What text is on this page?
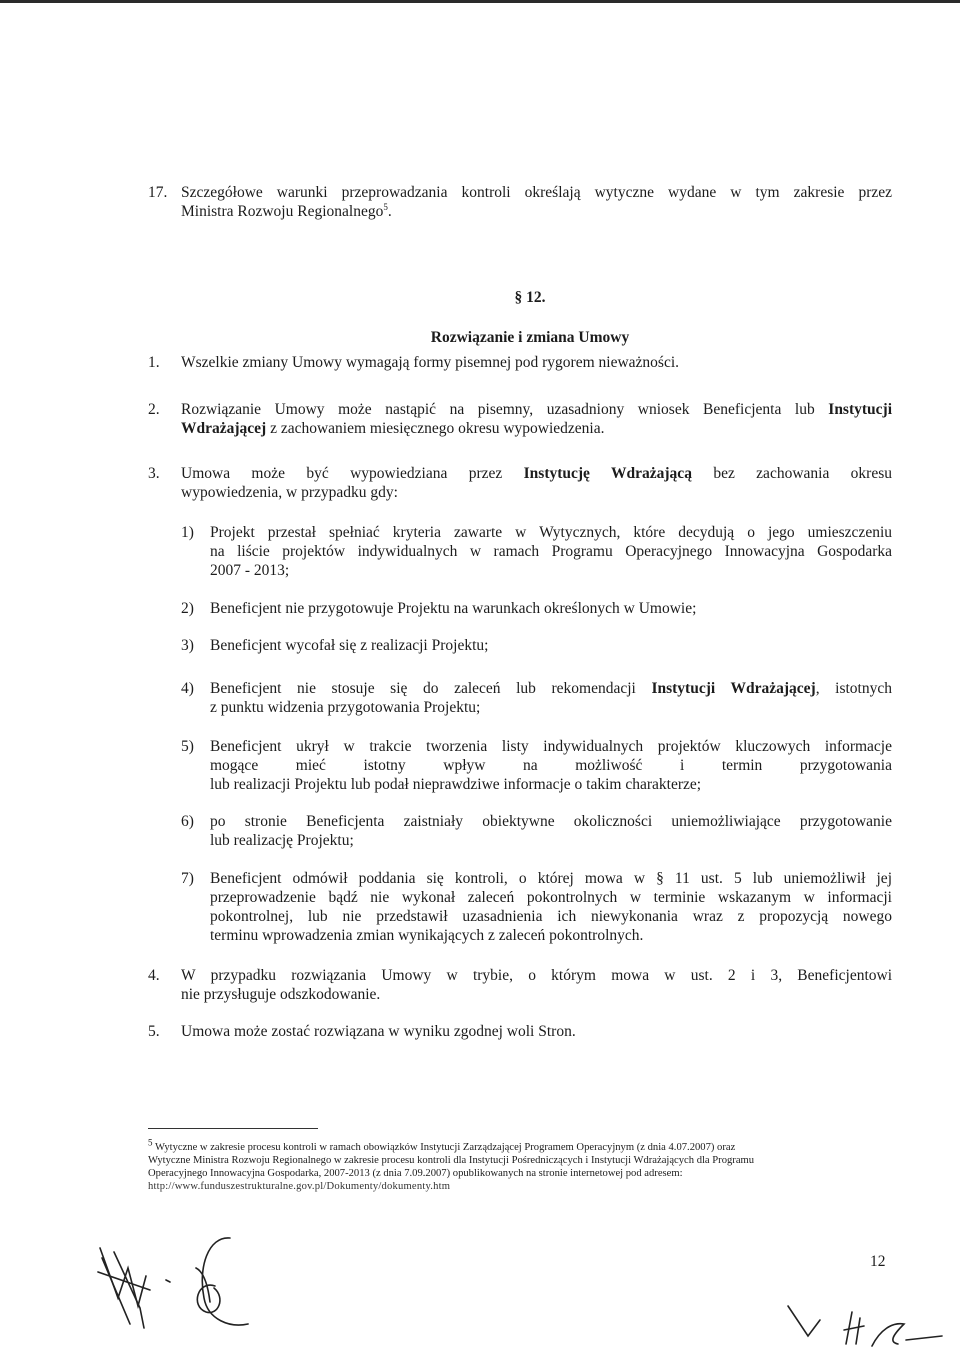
17. Szczegółowe warunki przeprowadzania kontroli określają wytyczne wydane w tym zakresie przez
Ministra Rozwoju Regionalnego$^5$.
§ 12.
Rozwiązanie i zmiana Umowy
1. Wszelkie zmiany Umowy wymagają formy pisemnej pod rygorem nieważności.
2. Rozwiązanie Umowy może nastąpić na pisemny, uzasadniony wniosek Beneficjenta lub Instytucji
Wdrażającej z zachowaniem miesięcznego okresu wypowiedzenia.
3. Umowa może być wypowiedziana przez Instytucję Wdrażającą bez zachowania okresu
wypowiedzenia, w przypadku gdy:
1) Projekt przestał spełniać kryteria zawarte w Wytycznych, które decydują o jego umieszczeniu
na liście projektów indywidualnych w ramach Programu Operacyjnego Innowacyjna Gospodarka
2007 - 2013;
2) Beneficjent nie przygotowuje Projektu na warunkach określonych w Umowie;
3) Beneficjent wycofał się z realizacji Projektu;
4) Beneficjent nie stosuje się do zaleceń lub rekomendacji Instytucji Wdrażającej, istotnych
z punktu widzenia przygotowania Projektu;
5) Beneficjent ukrył w trakcie tworzenia listy indywidualnych projektów kluczowych informacje
mogące mieć istotny wpływ na możliwość i termin przygotowania
lub realizacji Projektu lub podał nieprawdziwe informacje o takim charakterze;
6) po stronie Beneficjenta zaistniały obiektywne okoliczności uniemożliwiające przygotowanie
lub realizację Projektu;
7) Beneficjent odmówił poddania się kontroli, o której mowa w § 11 ust. 5 lub uniemożliwił jej
przeprowadzenie bądź nie wykonał zaleceń pokontrolnych w terminie wskazanym w informacji
pokontrolnej, lub nie przedstawił uzasadnienia ich niewykonania wraz z propozycją nowego
terminu wprowadzenia zmian wynikających z zaleceń pokontrolnych.
4. W przypadku rozwiązania Umowy w trybie, o którym mowa w ust. 2 i 3, Beneficjentowi
nie przysługuje odszkodowanie.
5. Umowa może zostać rozwiązana w wyniku zgodnej woli Stron.
$^5$ Wytyczne w zakresie procesu kontroli w ramach obowiązków Instytucji Zarządzającej Programem Operacyjnym (z dnia 4.07.2007) oraz
Wytyczne Ministra Rozwoju Regionalnego w zakresie procesu kontroli dla Instytucji Pośredniczących i Instytucji Wdrażających dla Programu
Operacyjnego Innowacyjna Gospodarka, 2007-2013 (z dnia 7.09.2007) opublikowanych na stronie internetowej pod adresem:
http://www.funduszestrukturalne.gov.pl/Dokumenty/dokumenty.htm
12
